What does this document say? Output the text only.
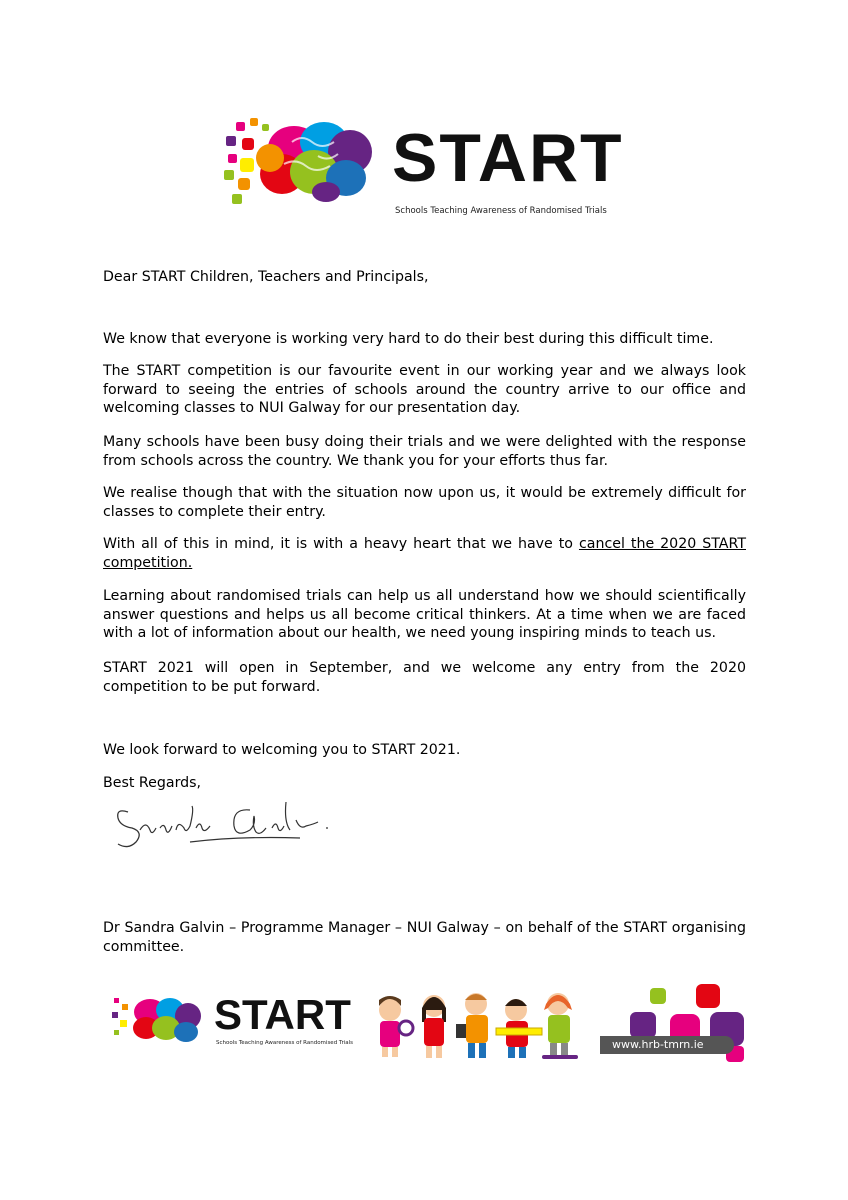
START
Schools Teaching Awareness of Randomised Trials

Dear START Children, Teachers and Principals,

We know that everyone is working very hard to do their best during this difficult time.

The START competition is our favourite event in our working year and we always look forward to seeing the entries of schools around the country arrive to our office and welcoming classes to NUI Galway for our presentation day.

Many schools have been busy doing their trials and we were delighted with the response from schools across the country. We thank you for your efforts thus far.

We realise though that with the situation now upon us, it would be extremely difficult for classes to complete their entry.

With all of this in mind, it is with a heavy heart that we have to cancel the 2020 START competition.

Learning about randomised trials can help us all understand how we should scientifically answer questions and helps us all become critical thinkers. At a time when we are faced with a lot of information about our health, we need young inspiring minds to teach us.

START 2021 will open in September, and we welcome any entry from the 2020 competition to be put forward.

We look forward to welcoming you to START 2021.

Best Regards,

Dr Sandra Galvin – Programme Manager – NUI Galway – on behalf of the START organising committee.

START
Schools Teaching Awareness of Randomised Trials	www.hrb-tmrn.ie
